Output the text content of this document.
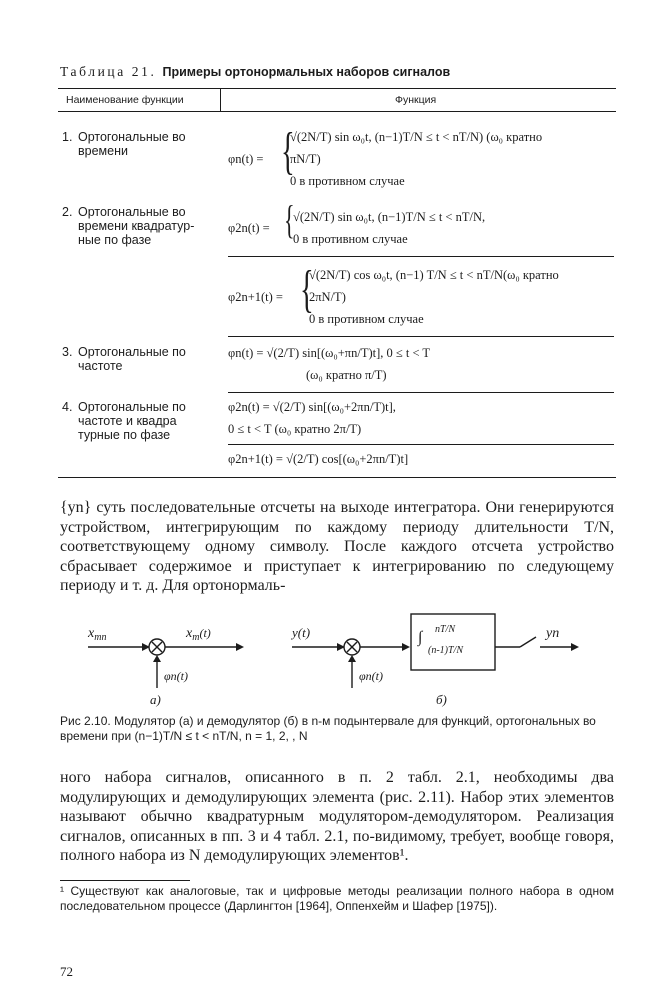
Таблица 21. Примеры ортонормальных наборов сигналов
Наименование функции	Функция
1. Ортогональные во времени
2. Ортогональные во времени квадратур-ные по фазе
3. Ортогональные по частоте
4. Ортогональные по частоте и квадра турные по фазе
φn(t) = {
√(2N/T) sin ω₀t, (n−1)T/N ≤ t < nT/N) (ω₀ кратно
πN/T)
0 в противном случае
φ2n(t) = {
√(2N/T) sin ω₀t, (n−1)T/N ≤ t < nT/N,
0 в противном случае
φ2n+1(t) = {
√(2N/T) cos ω₀t, (n−1) T/N ≤ t < nT/N(ω₀ кратно
2πN/T)
0 в противном случае
φn(t) = √(2/T) sin[(ω₀+πn/T)t], 0 ≤ t < T
(ω₀ кратно π/T)
φ2n(t) = √(2/T) sin[(ω₀+2πn/T)t],
0 ≤ t < T (ω₀ кратно 2π/T)
φ2n+1(t) = √(2/T) cos[(ω₀+2πn/T)t]

{yn} суть последовательные отсчеты на выходе интегратора. Они генерируются устройством, интегрирующим по каждому периоду длительности T/N, соответствующему одному символу. После каждого отсчета устройство сбрасывает содержимое и приступает к интегрированию по следующему периоду и т. д. Для ортонормаль-

$x_{mn}$	$x_m(t)$
φn(t)
а)
y(t)
φn(t)
∫ nT/N
(n-1)T/N
yn
б)
Рис 2.10. Модулятор (a) и демодулятор (б) в n-м подынтервале для функций, ортогональных во времени при (n−1)T/N ≤ t < nT/N, n = 1, 2, , N

ного набора сигналов, описанного в п. 2 табл. 2.1, необходимы два модулирующих и демодулирующих элемента (рис. 2.11). Набор этих элементов называют обычно квадратурным модулятором-демодулятором. Реализация сигналов, описанных в пп. 3 и 4 табл. 2.1, по-видимому, требует, вообще говоря, полного набора из N демодулирующих элементов¹.

¹ Существуют как аналоговые, так и цифровые методы реализации полного набора в одном последовательном процессе (Дарлингтон [1964], Оппенхейм и Шафер [1975]).
72
